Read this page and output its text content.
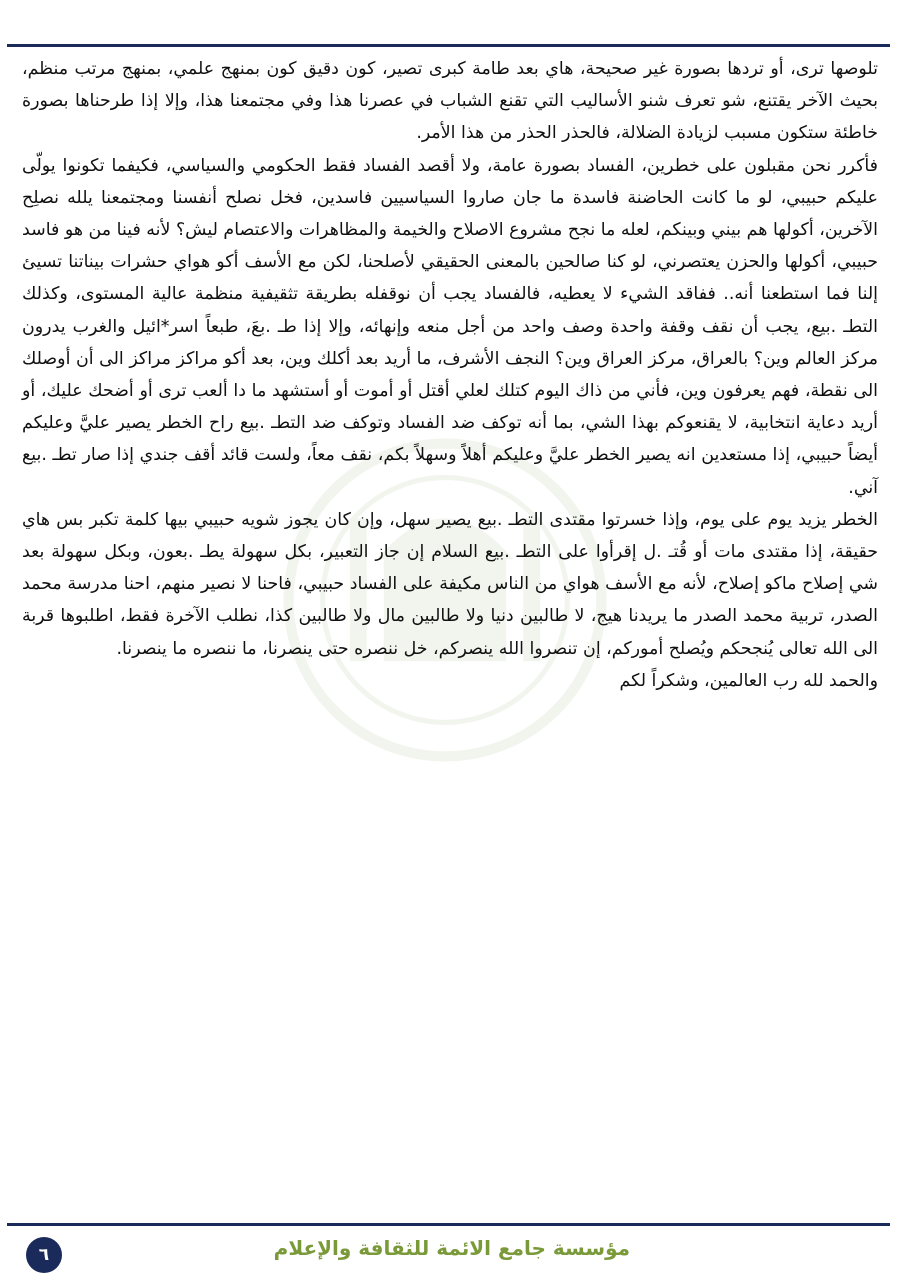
تلوصها ترى، أو تردها بصورة غير صحيحة، هاي بعد طامة كبرى تصير، كون دقيق كون بمنهج علمي، بمنهج مرتب منظم، بحيث الآخر يقتنع، شو تعرف شنو الأساليب التي تقنع الشباب في عصرنا هذا وفي مجتمعنا هذا، وإلا إذا طرحناها بصورة خاطئة ستكون مسبب لزيادة الضلالة، فالحذر الحذر من هذا الأمر.

فأكرر نحن مقبلون على خطرين، الفساد بصورة عامة، ولا أقصد الفساد فقط الحكومي والسياسي، فكيفما تكونوا يولّى عليكم حبيبي، لو ما كانت الحاضنة فاسدة ما جان صاروا السياسيين فاسدين، فخل نصلح أنفسنا ومجتمعنا يلله نصلِح الآخرين، أكولها هم بيني وبينكم، لعله ما نجح مشروع الاصلاح والخيمة والمظاهرات والاعتصام ليش؟ لأنه فينا من هو فاسد حبيبي، أكولها والحزن يعتصرني، لو كنا صالحين بالمعنى الحقيقي لأصلحنا، لكن مع الأسف أكو هواي حشرات بيناتنا تسيئ إلنا فما استطعنا أنه.. ففاقد الشيء لا يعطيه، فالفساد يجب أن نوقفله بطريقة تثقيفية منظمة عالية المستوى، وكذلك التطـ .بيع، يجب أن نقف وقفة واحدة وصف واحد من أجل منعه وإنهائه، وإلا إذا طـ .بعَ، طبعاً اسر*ائيل والغرب يدرون مركز العالم وين؟ بالعراق، مركز العراق وين؟ النجف الأشرف، ما أريد بعد أكلك وين، بعد أكو مراكز مراكز الى أن أوصلك الى نقطة، فهم يعرفون وين، فأني من ذاك اليوم كتلك لعلي أقتل أو أموت أو أستشهد ما دا ألعب ترى أو أضحك عليك، أو أريد دعاية انتخابية، لا يقنعوكم بهذا الشي، بما أنه توكف ضد الفساد وتوكف ضد التطـ .بيع راح الخطر يصير عليَّ وعليكم أيضاً حبيبي، إذا مستعدين انه يصير الخطر عليَّ وعليكم أهلاً وسهلاً بكم، نقف معاً، ولست قائد أقف جندي إذا صار تطـ .بيع آني.

الخطر يزيد يوم على يوم، وإذا خسرتوا مقتدى التطـ .بيع يصير سهل، وإن كان يجوز شويه حبيبي بيها كلمة تكبر بس هاي حقيقة، إذا مقتدى مات أو قُتـ .ل إقرأوا على التطـ .بيع السلام إن جاز التعبير، بكل سهولة يطـ .بعون، وبكل سهولة بعد شي إصلاح ماكو إصلاح، لأنه مع الأسف هواي من الناس مكيفة على الفساد حبيبي، فاحنا لا نصير منهم، احنا مدرسة محمد الصدر، تربية محمد الصدر ما يريدنا هيج، لا طالبين دنيا ولا طالبين مال ولا طالبين كذا، نطلب الآخرة فقط، اطلبوها قربة الى الله تعالى يُنجحكم ويُصلح أموركم، إن تنصروا الله ينصركم، خل ننصره حتى ينصرنا، ما ننصره ما ينصرنا.

والحمد لله رب العالمين، وشكراً لكم

٦	مؤسسة جامع الائمة للثقافة والإعلام
